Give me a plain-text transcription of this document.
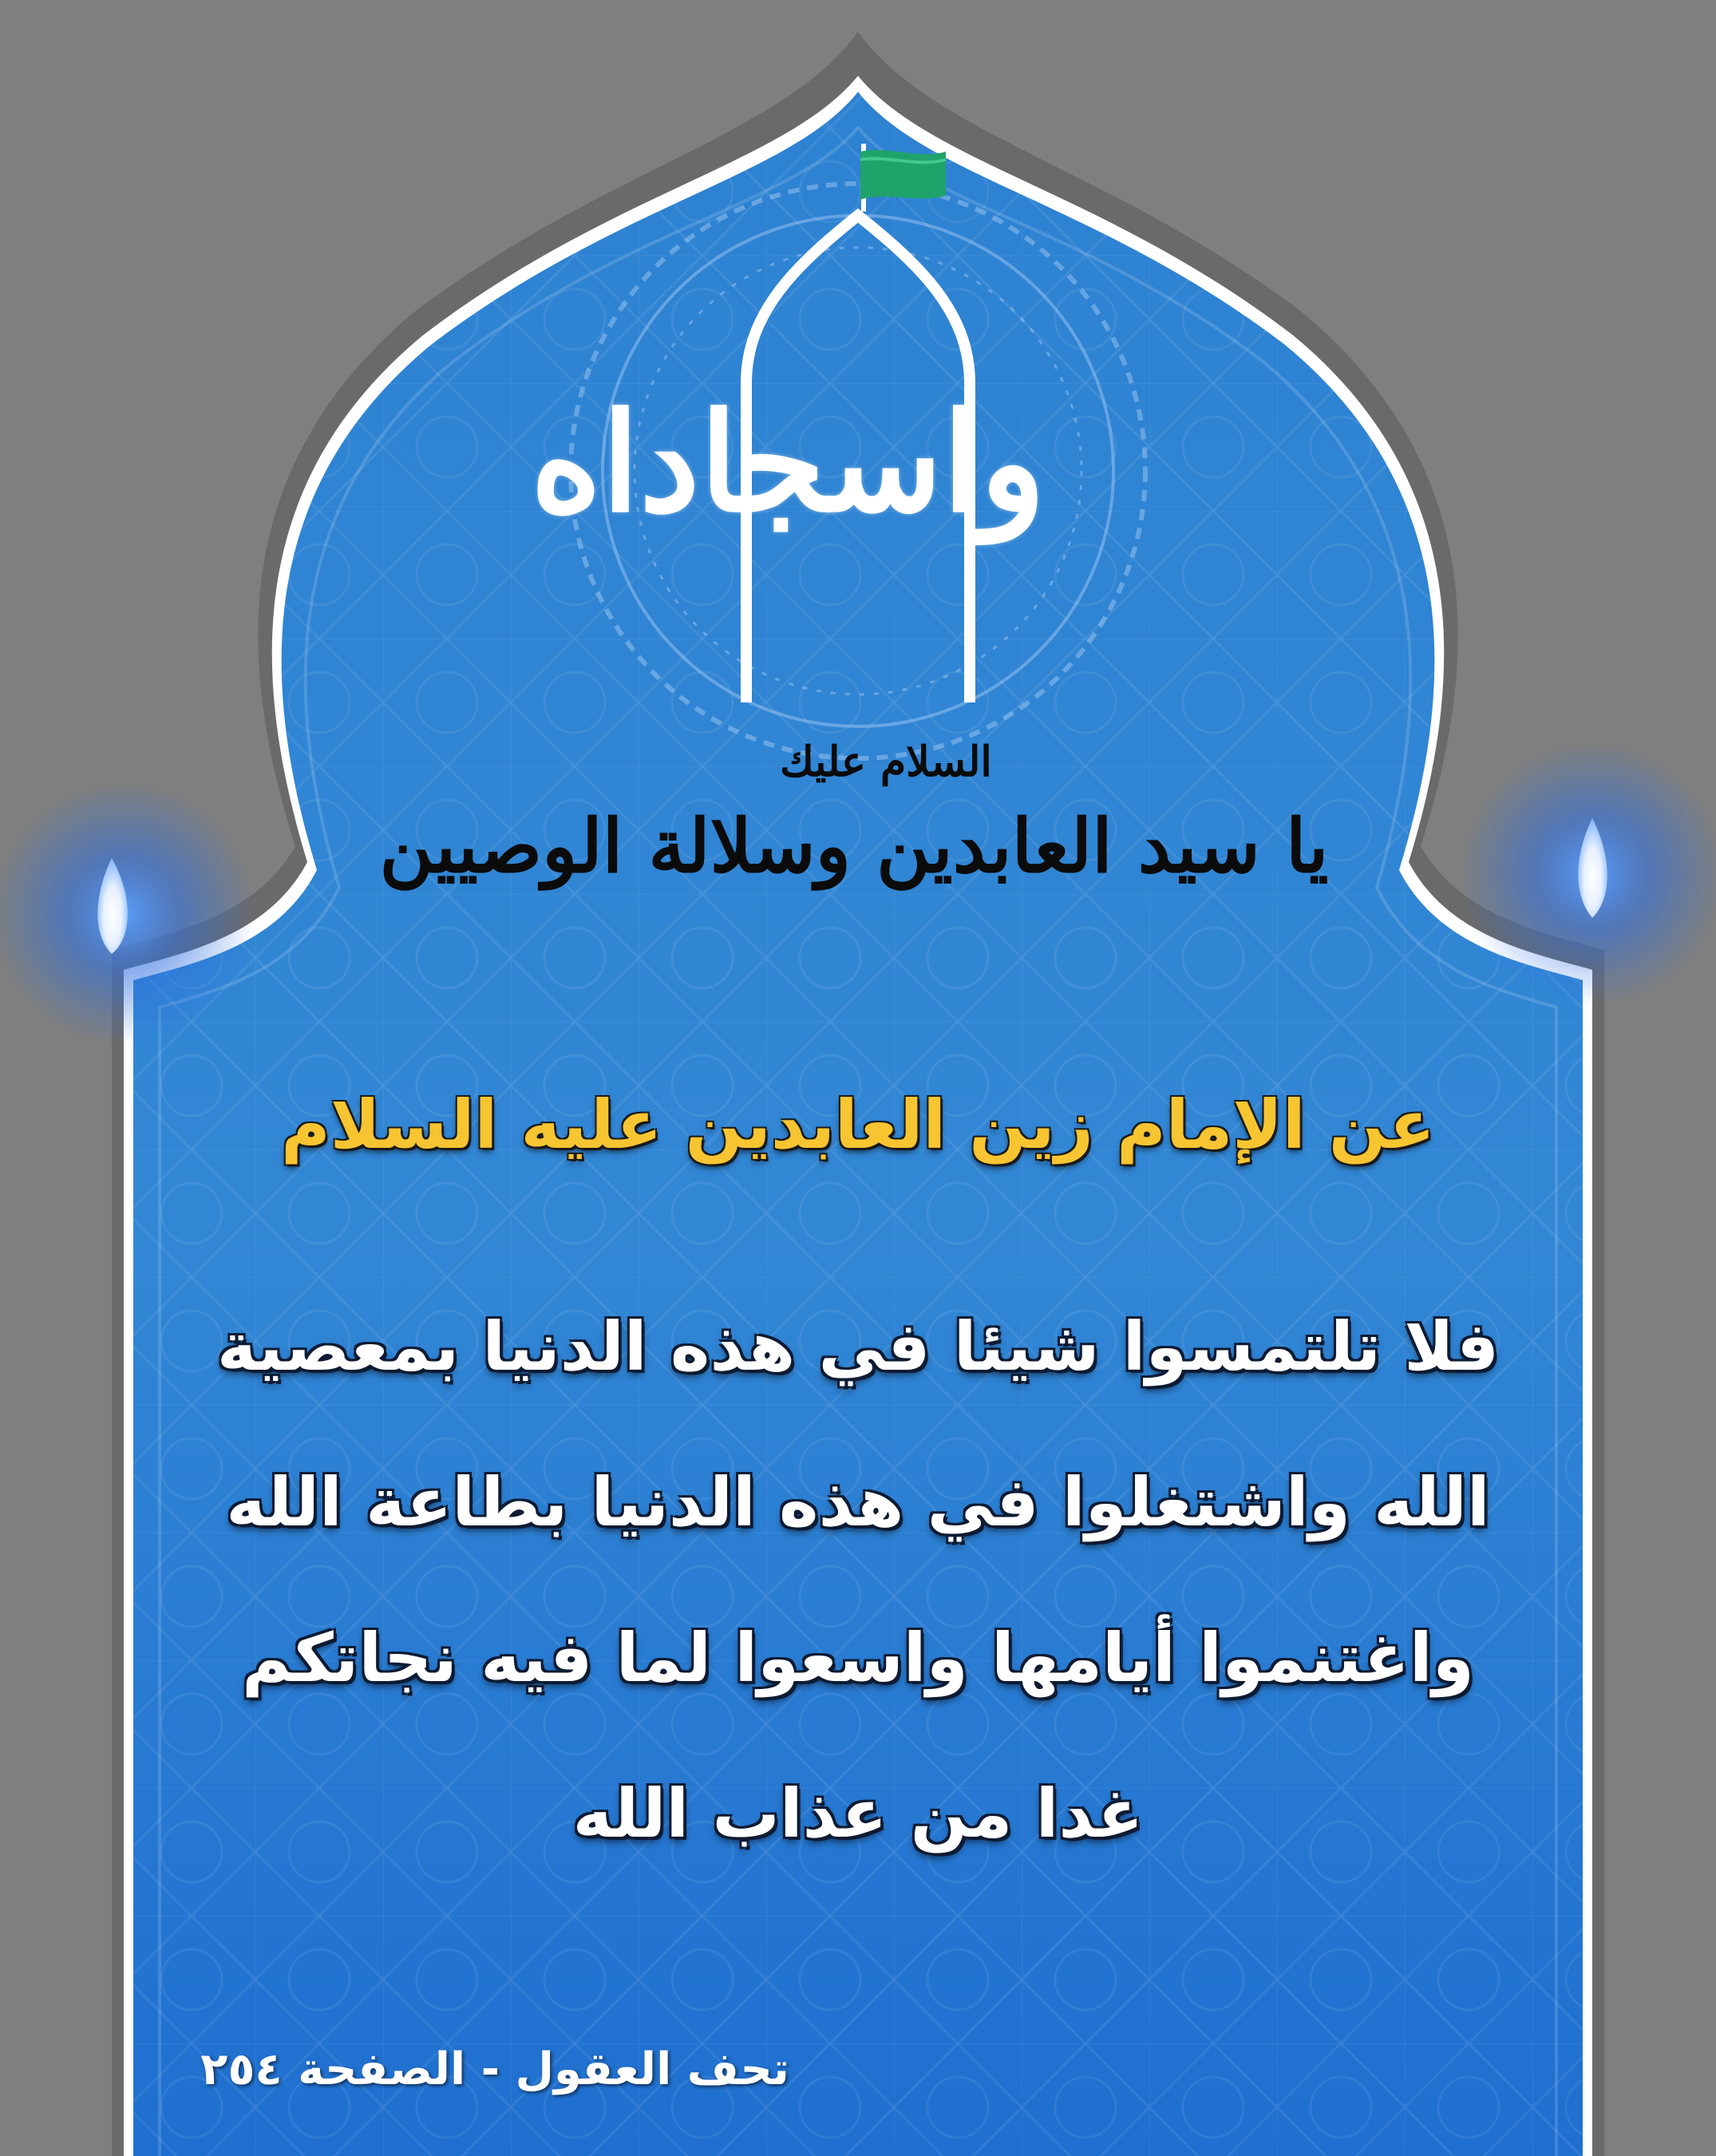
واسجاداه
السلام عليك
يا سيد العابدين وسلالة الوصيين
عن الإمام زين العابدين عليه السلام
فلا تلتمسوا شيئا في هذه الدنيا بمعصية
الله واشتغلوا في هذه الدنيا بطاعة الله
واغتنموا أيامها واسعوا لما فيه نجاتكم
غدا من عذاب الله
تحف العقول - الصفحة ٢٥٤
